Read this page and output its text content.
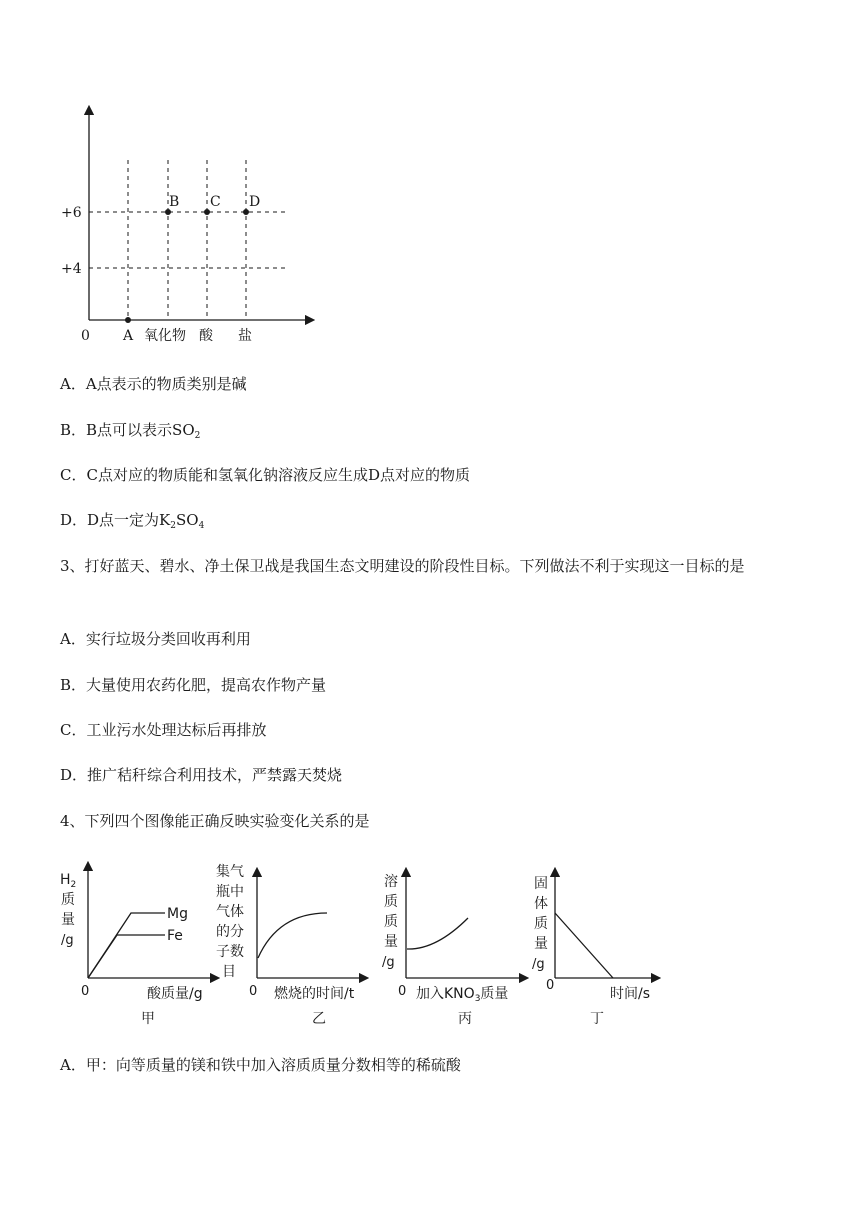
+6
+4
0 A 氧化物 酸 盐
B C D
A．A点表示的物质类别是碱
B．B点可以表示$SO_2$
C．C点对应的物质能和氢氧化钠溶液反应生成D点对应的物质
D．D点一定为$K_2SO_4$
3、打好蓝天、碧水、净土保卫战是我国生态文明建设的阶段性目标。下列做法不利于实现这一目标的是
A．实行垃圾分类回收再利用
B．大量使用农药化肥，提高农作物产量
C．工业污水处理达标后再排放
D．推广秸秆综合利用技术，严禁露天焚烧
4、下列四个图像能正确反映实验变化关系的是
$H_2$
质
量
/g
Mg
Fe
0	酸质量/g
甲
集气
瓶中
气体
的分
子数
目
0 燃烧的时间/t
乙
溶
质
质
量
/g
0 加入$KNO_3$质量
丙
固
体
质
量
/g
0
时间/s
丁
A．甲：向等质量的镁和铁中加入溶质质量分数相等的稀硫酸
